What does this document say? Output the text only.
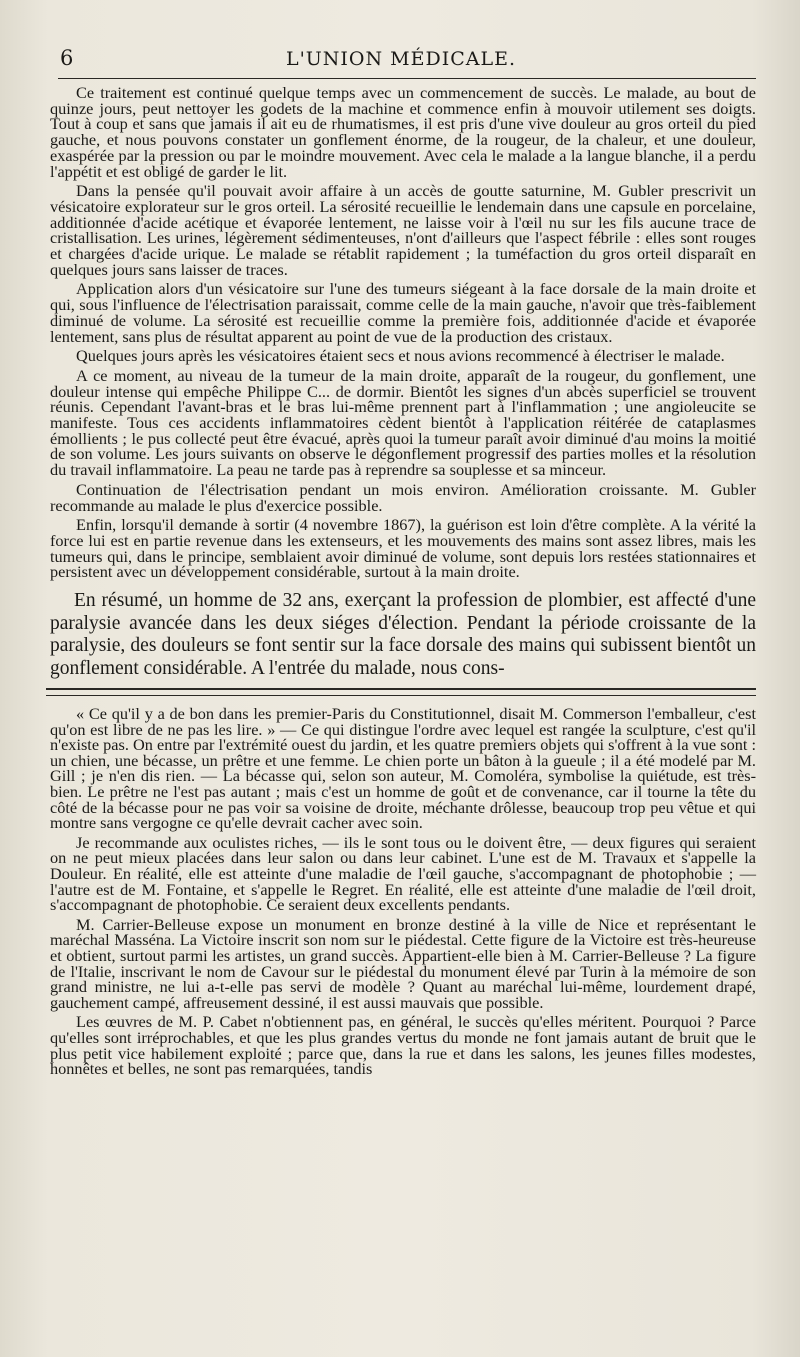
6	L'UNION MÉDICALE.

Ce traitement est continué quelque temps avec un commencement de succès. Le malade, au bout de quinze jours, peut nettoyer les godets de la machine et commence enfin à mouvoir utilement ses doigts. Tout à coup et sans que jamais il ait eu de rhumatismes, il est pris d'une vive douleur au gros orteil du pied gauche, et nous pouvons constater un gonflement énorme, de la rougeur, de la chaleur, et une douleur, exaspérée par la pression ou par le moindre mouvement. Avec cela le malade a la langue blanche, il a perdu l'appétit et est obligé de garder le lit.

Dans la pensée qu'il pouvait avoir affaire à un accès de goutte saturnine, M. Gubler prescrivit un vésicatoire explorateur sur le gros orteil. La sérosité recueillie le lendemain dans une capsule en porcelaine, additionnée d'acide acétique et évaporée lentement, ne laisse voir à l'œil nu sur les fils aucune trace de cristallisation. Les urines, légèrement sédimenteuses, n'ont d'ailleurs que l'aspect fébrile : elles sont rouges et chargées d'acide urique. Le malade se rétablit rapidement ; la tuméfaction du gros orteil disparaît en quelques jours sans laisser de traces.

Application alors d'un vésicatoire sur l'une des tumeurs siégeant à la face dorsale de la main droite et qui, sous l'influence de l'électrisation paraissait, comme celle de la main gauche, n'avoir que très-faiblement diminué de volume. La sérosité est recueillie comme la première fois, additionnée d'acide et évaporée lentement, sans plus de résultat apparent au point de vue de la production des cristaux.

Quelques jours après les vésicatoires étaient secs et nous avions recommencé à électriser le malade.

A ce moment, au niveau de la tumeur de la main droite, apparaît de la rougeur, du gonflement, une douleur intense qui empêche Philippe C... de dormir. Bientôt les signes d'un abcès superficiel se trouvent réunis. Cependant l'avant-bras et le bras lui-même prennent part à l'inflammation ; une angioleucite se manifeste. Tous ces accidents inflammatoires cèdent bientôt à l'application réitérée de cataplasmes émollients ; le pus collecté peut être évacué, après quoi la tumeur paraît avoir diminué d'au moins la moitié de son volume. Les jours suivants on observe le dégonflement progressif des parties molles et la résolution du travail inflammatoire. La peau ne tarde pas à reprendre sa souplesse et sa minceur.

Continuation de l'électrisation pendant un mois environ. Amélioration croissante. M. Gubler recommande au malade le plus d'exercice possible.

Enfin, lorsqu'il demande à sortir (4 novembre 1867), la guérison est loin d'être complète. A la vérité la force lui est en partie revenue dans les extenseurs, et les mouvements des mains sont assez libres, mais les tumeurs qui, dans le principe, semblaient avoir diminué de volume, sont depuis lors restées stationnaires et persistent avec un développement considérable, surtout à la main droite.

En résumé, un homme de 32 ans, exerçant la profession de plombier, est affecté d'une paralysie avancée dans les deux siéges d'élection. Pendant la période croissante de la paralysie, des douleurs se font sentir sur la face dorsale des mains qui subissent bientôt un gonflement considérable. A l'entrée du malade, nous cons-

« Ce qu'il y a de bon dans les premier-Paris du Constitutionnel, disait M. Commerson l'emballeur, c'est qu'on est libre de ne pas les lire. » — Ce qui distingue l'ordre avec lequel est rangée la sculpture, c'est qu'il n'existe pas. On entre par l'extrémité ouest du jardin, et les quatre premiers objets qui s'offrent à la vue sont : un chien, une bécasse, un prêtre et une femme. Le chien porte un bâton à la gueule ; il a été modelé par M. Gill ; je n'en dis rien. — La bécasse qui, selon son auteur, M. Comoléra, symbolise la quiétude, est très-bien. Le prêtre ne l'est pas autant ; mais c'est un homme de goût et de convenance, car il tourne la tête du côté de la bécasse pour ne pas voir sa voisine de droite, méchante drôlesse, beaucoup trop peu vêtue et qui montre sans vergogne ce qu'elle devrait cacher avec soin.

Je recommande aux oculistes riches, — ils le sont tous ou le doivent être, — deux figures qui seraient on ne peut mieux placées dans leur salon ou dans leur cabinet. L'une est de M. Travaux et s'appelle la Douleur. En réalité, elle est atteinte d'une maladie de l'œil gauche, s'accompagnant de photophobie ; — l'autre est de M. Fontaine, et s'appelle le Regret. En réalité, elle est atteinte d'une maladie de l'œil droit, s'accompagnant de photophobie. Ce seraient deux excellents pendants.

M. Carrier-Belleuse expose un monument en bronze destiné à la ville de Nice et représentant le maréchal Masséna. La Victoire inscrit son nom sur le piédestal. Cette figure de la Victoire est très-heureuse et obtient, surtout parmi les artistes, un grand succès. Appartient-elle bien à M. Carrier-Belleuse ? La figure de l'Italie, inscrivant le nom de Cavour sur le piédestal du monument élevé par Turin à la mémoire de son grand ministre, ne lui a-t-elle pas servi de modèle ? Quant au maréchal lui-même, lourdement drapé, gauchement campé, affreusement dessiné, il est aussi mauvais que possible.

Les œuvres de M. P. Cabet n'obtiennent pas, en général, le succès qu'elles méritent. Pourquoi ? Parce qu'elles sont irréprochables, et que les plus grandes vertus du monde ne font jamais autant de bruit que le plus petit vice habilement exploité ; parce que, dans la rue et dans les salons, les jeunes filles modestes, honnêtes et belles, ne sont pas remarquées, tandis
